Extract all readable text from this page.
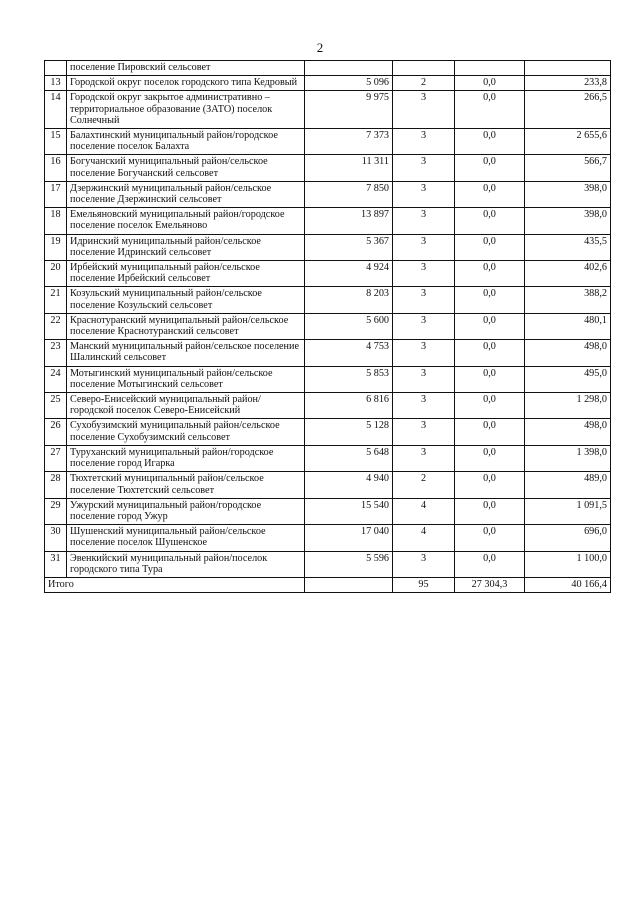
2
	поселение Пировский сельсовет				
13	Городской округ поселок городского типа Кедровый	5 096	2	0,0	233,8
14	Городской округ закрытое административно – территориальное образование (ЗАТО) поселок Солнечный	9 975	3	0,0	266,5
15	Балахтинский муниципальный район/городское поселение поселок Балахта	7 373	3	0,0	2 655,6
16	Богучанский муниципальный район/сельское поселение Богучанский сельсовет	11 311	3	0,0	566,7
17	Дзержинский муниципальный район/сельское поселение Дзержинский сельсовет	7 850	3	0,0	398,0
18	Емельяновский муниципальный район/городское поселение поселок Емельяново	13 897	3	0,0	398,0
19	Идринский муниципальный район/сельское поселение Идринский сельсовет	5 367	3	0,0	435,5
20	Ирбейский муниципальный район/сельское поселение Ирбейский сельсовет	4 924	3	0,0	402,6
21	Козульский муниципальный район/сельское поселение Козульский сельсовет	8 203	3	0,0	388,2
22	Краснотуранский муниципальный район/сельское поселение Краснотуранский сельсовет	5 600	3	0,0	480,1
23	Манский муниципальный район/сельское поселение Шалинский сельсовет	4 753	3	0,0	498,0
24	Мотыгинский муниципальный район/сельское поселение Мотыгинский сельсовет	5 853	3	0,0	495,0
25	Северо-Енисейский муниципальный район/городской поселок Северо-Енисейский	6 816	3	0,0	1 298,0
26	Сухобузимский муниципальный район/сельское поселение Сухобузимский сельсовет	5 128	3	0,0	498,0
27	Туруханский муниципальный район/городское поселение город Игарка	5 648	3	0,0	1 398,0
28	Тюхтетский муниципальный район/сельское поселение Тюхтетский сельсовет	4 940	2	0,0	489,0
29	Ужурский муниципальный район/городское поселение город Ужур	15 540	4	0,0	1 091,5
30	Шушенский муниципальный район/сельское поселение поселок Шушенское	17 040	4	0,0	696,0
31	Эвенкийский муниципальный район/поселок городского типа Тура	5 596	3	0,0	1 100,0
Итого			95	27 304,3	40 166,4
